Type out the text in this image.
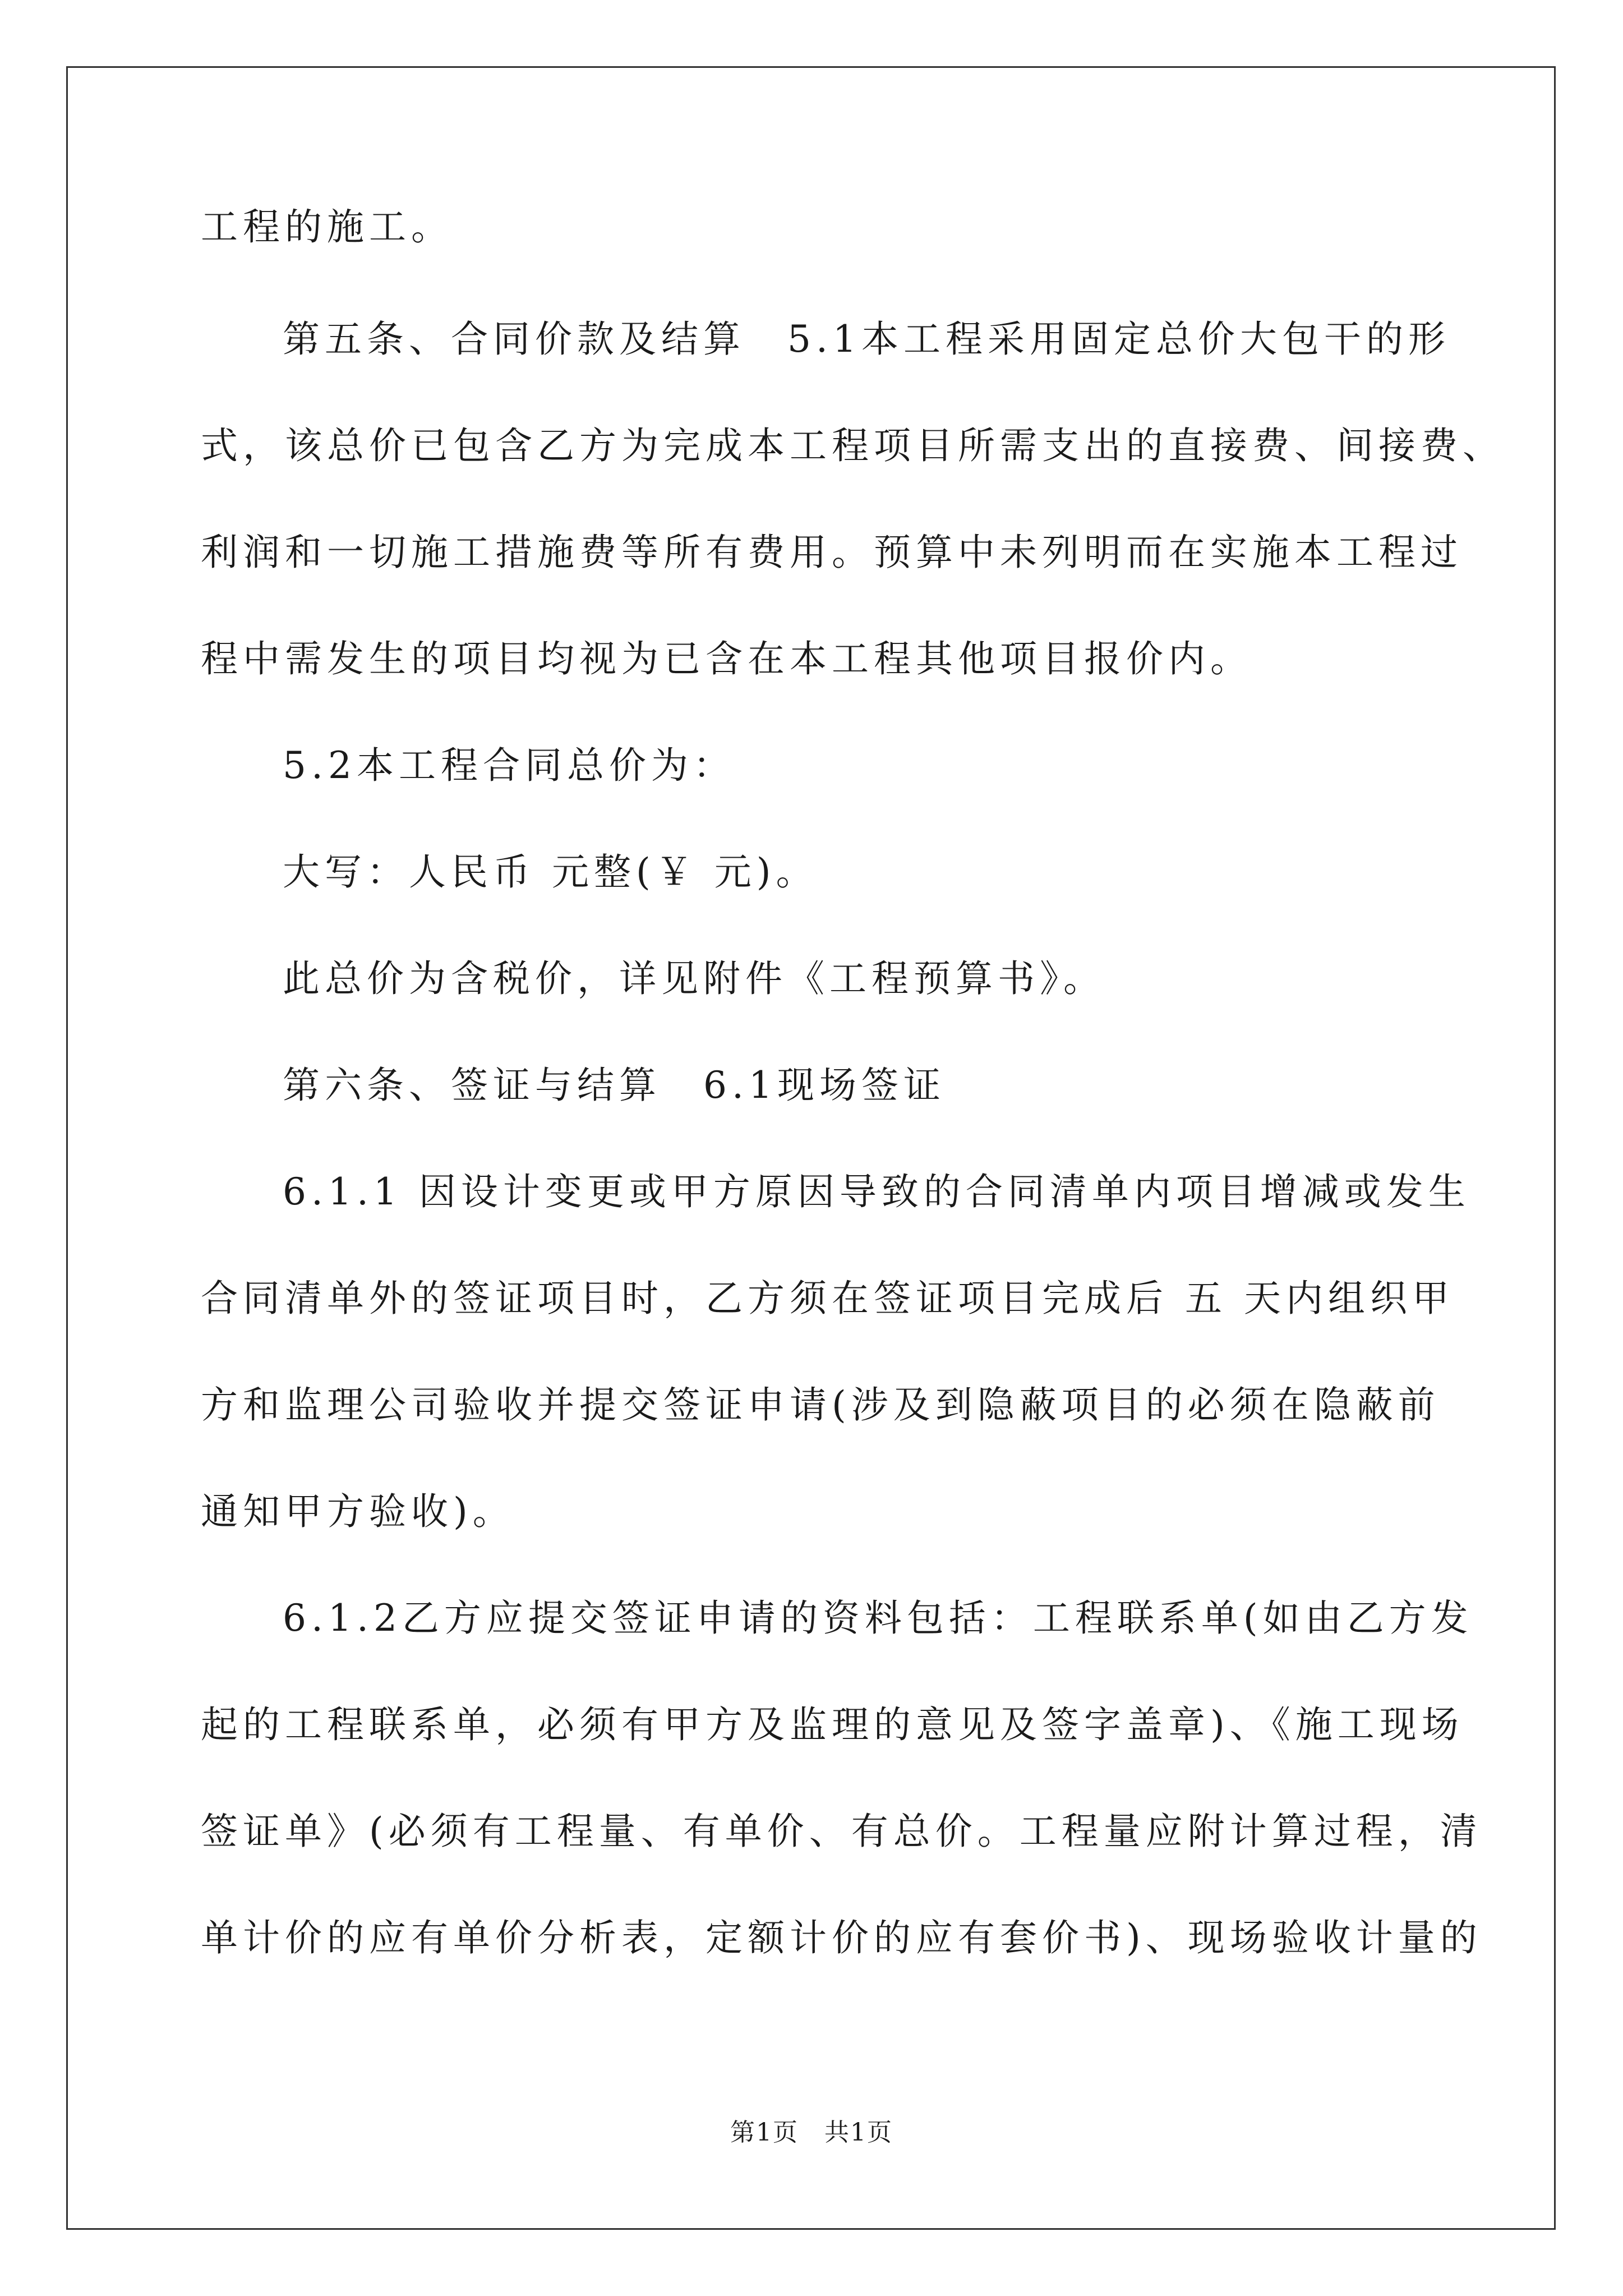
工程的施工。
第五条、合同价款及结算　5.1本工程采用固定总价大包干的形
式，该总价已包含乙方为完成本工程项目所需支出的直接费、间接费、
利润和一切施工措施费等所有费用。预算中未列明而在实施本工程过
程中需发生的项目均视为已含在本工程其他项目报价内。
5.2本工程合同总价为：
大写：人民币 元整(￥ 元)。
此总价为含税价，详见附件《工程预算书》。
第六条、签证与结算　6.1现场签证
6.1.1 因设计变更或甲方原因导致的合同清单内项目增减或发生
合同清单外的签证项目时，乙方须在签证项目完成后 五 天内组织甲
方和监理公司验收并提交签证申请(涉及到隐蔽项目的必须在隐蔽前
通知甲方验收)。
6.1.2乙方应提交签证申请的资料包括：工程联系单(如由乙方发
起的工程联系单，必须有甲方及监理的意见及签字盖章)、《施工现场
签证单》(必须有工程量、有单价、有总价。工程量应附计算过程，清
单计价的应有单价分析表，定额计价的应有套价书)、现场验收计量的
第1页　共1页
